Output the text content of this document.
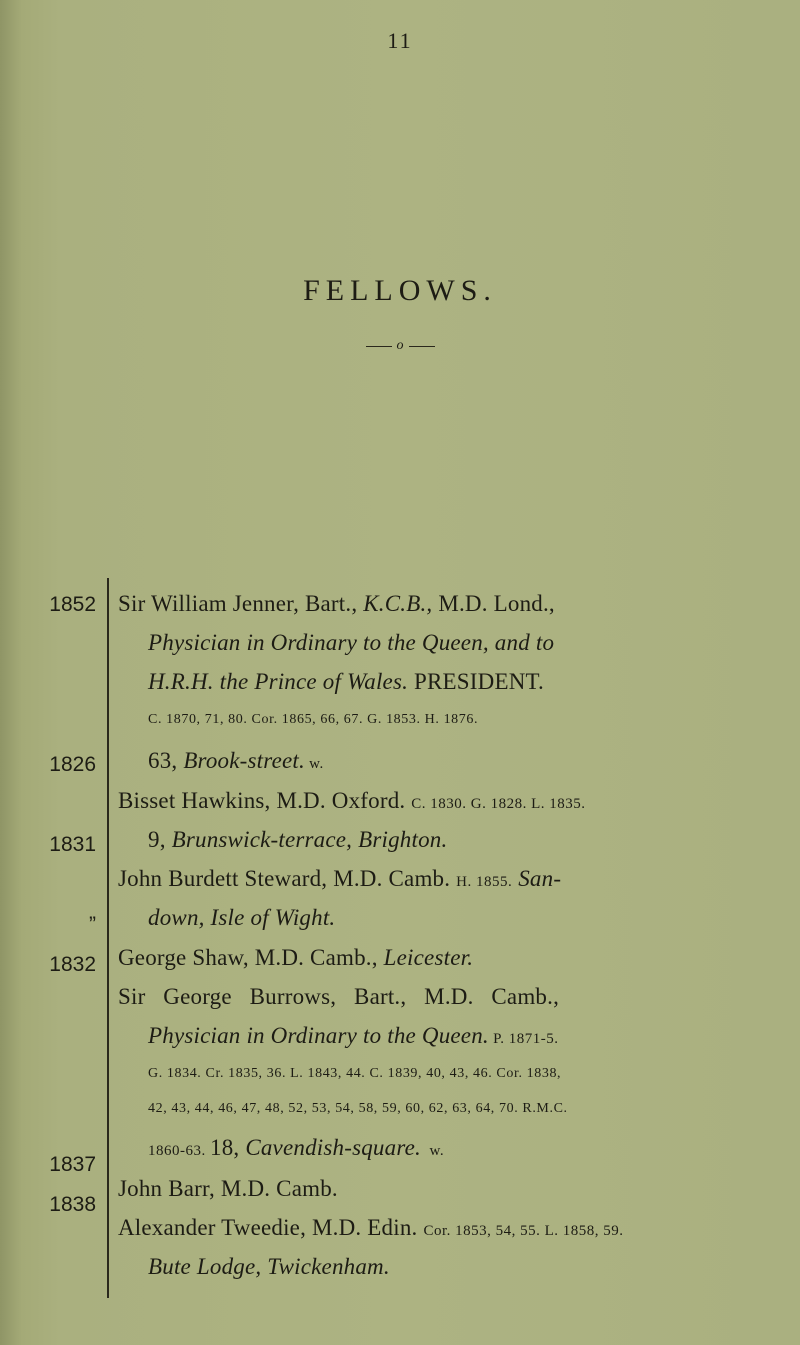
11
FELLOWS.
o
1852
1826
1831
”
1832
1837
1838
Sir William Jenner, Bart., K.C.B., M.D. Lond.,
Physician in Ordinary to the Queen, and to
H.R.H. the Prince of Wales. PRESIDENT.
C. 1870, 71, 80. Cor. 1865, 66, 67. G. 1853. H. 1876.
63, Brook-street. w.
Bisset Hawkins, M.D. Oxford. C. 1830. G. 1828. L. 1835.
9, Brunswick-terrace, Brighton.
John Burdett Steward, M.D. Camb. H. 1855. San-
down, Isle of Wight.
George Shaw, M.D. Camb., Leicester.
Sir   George   Burrows,   Bart.,   M.D.   Camb.,
Physician in Ordinary to the Queen. P. 1871-5.
G. 1834. Cr. 1835, 36. L. 1843, 44. C. 1839, 40, 43, 46. Cor. 1838,
42, 43, 44, 46, 47, 48, 52, 53, 54, 58, 59, 60, 62, 63, 64, 70. R.M.C.
1860-63. 18, Cavendish-square.  w.
John Barr, M.D. Camb.
Alexander Tweedie, M.D. Edin. Cor. 1853, 54, 55. L. 1858, 59.
Bute Lodge, Twickenham.
